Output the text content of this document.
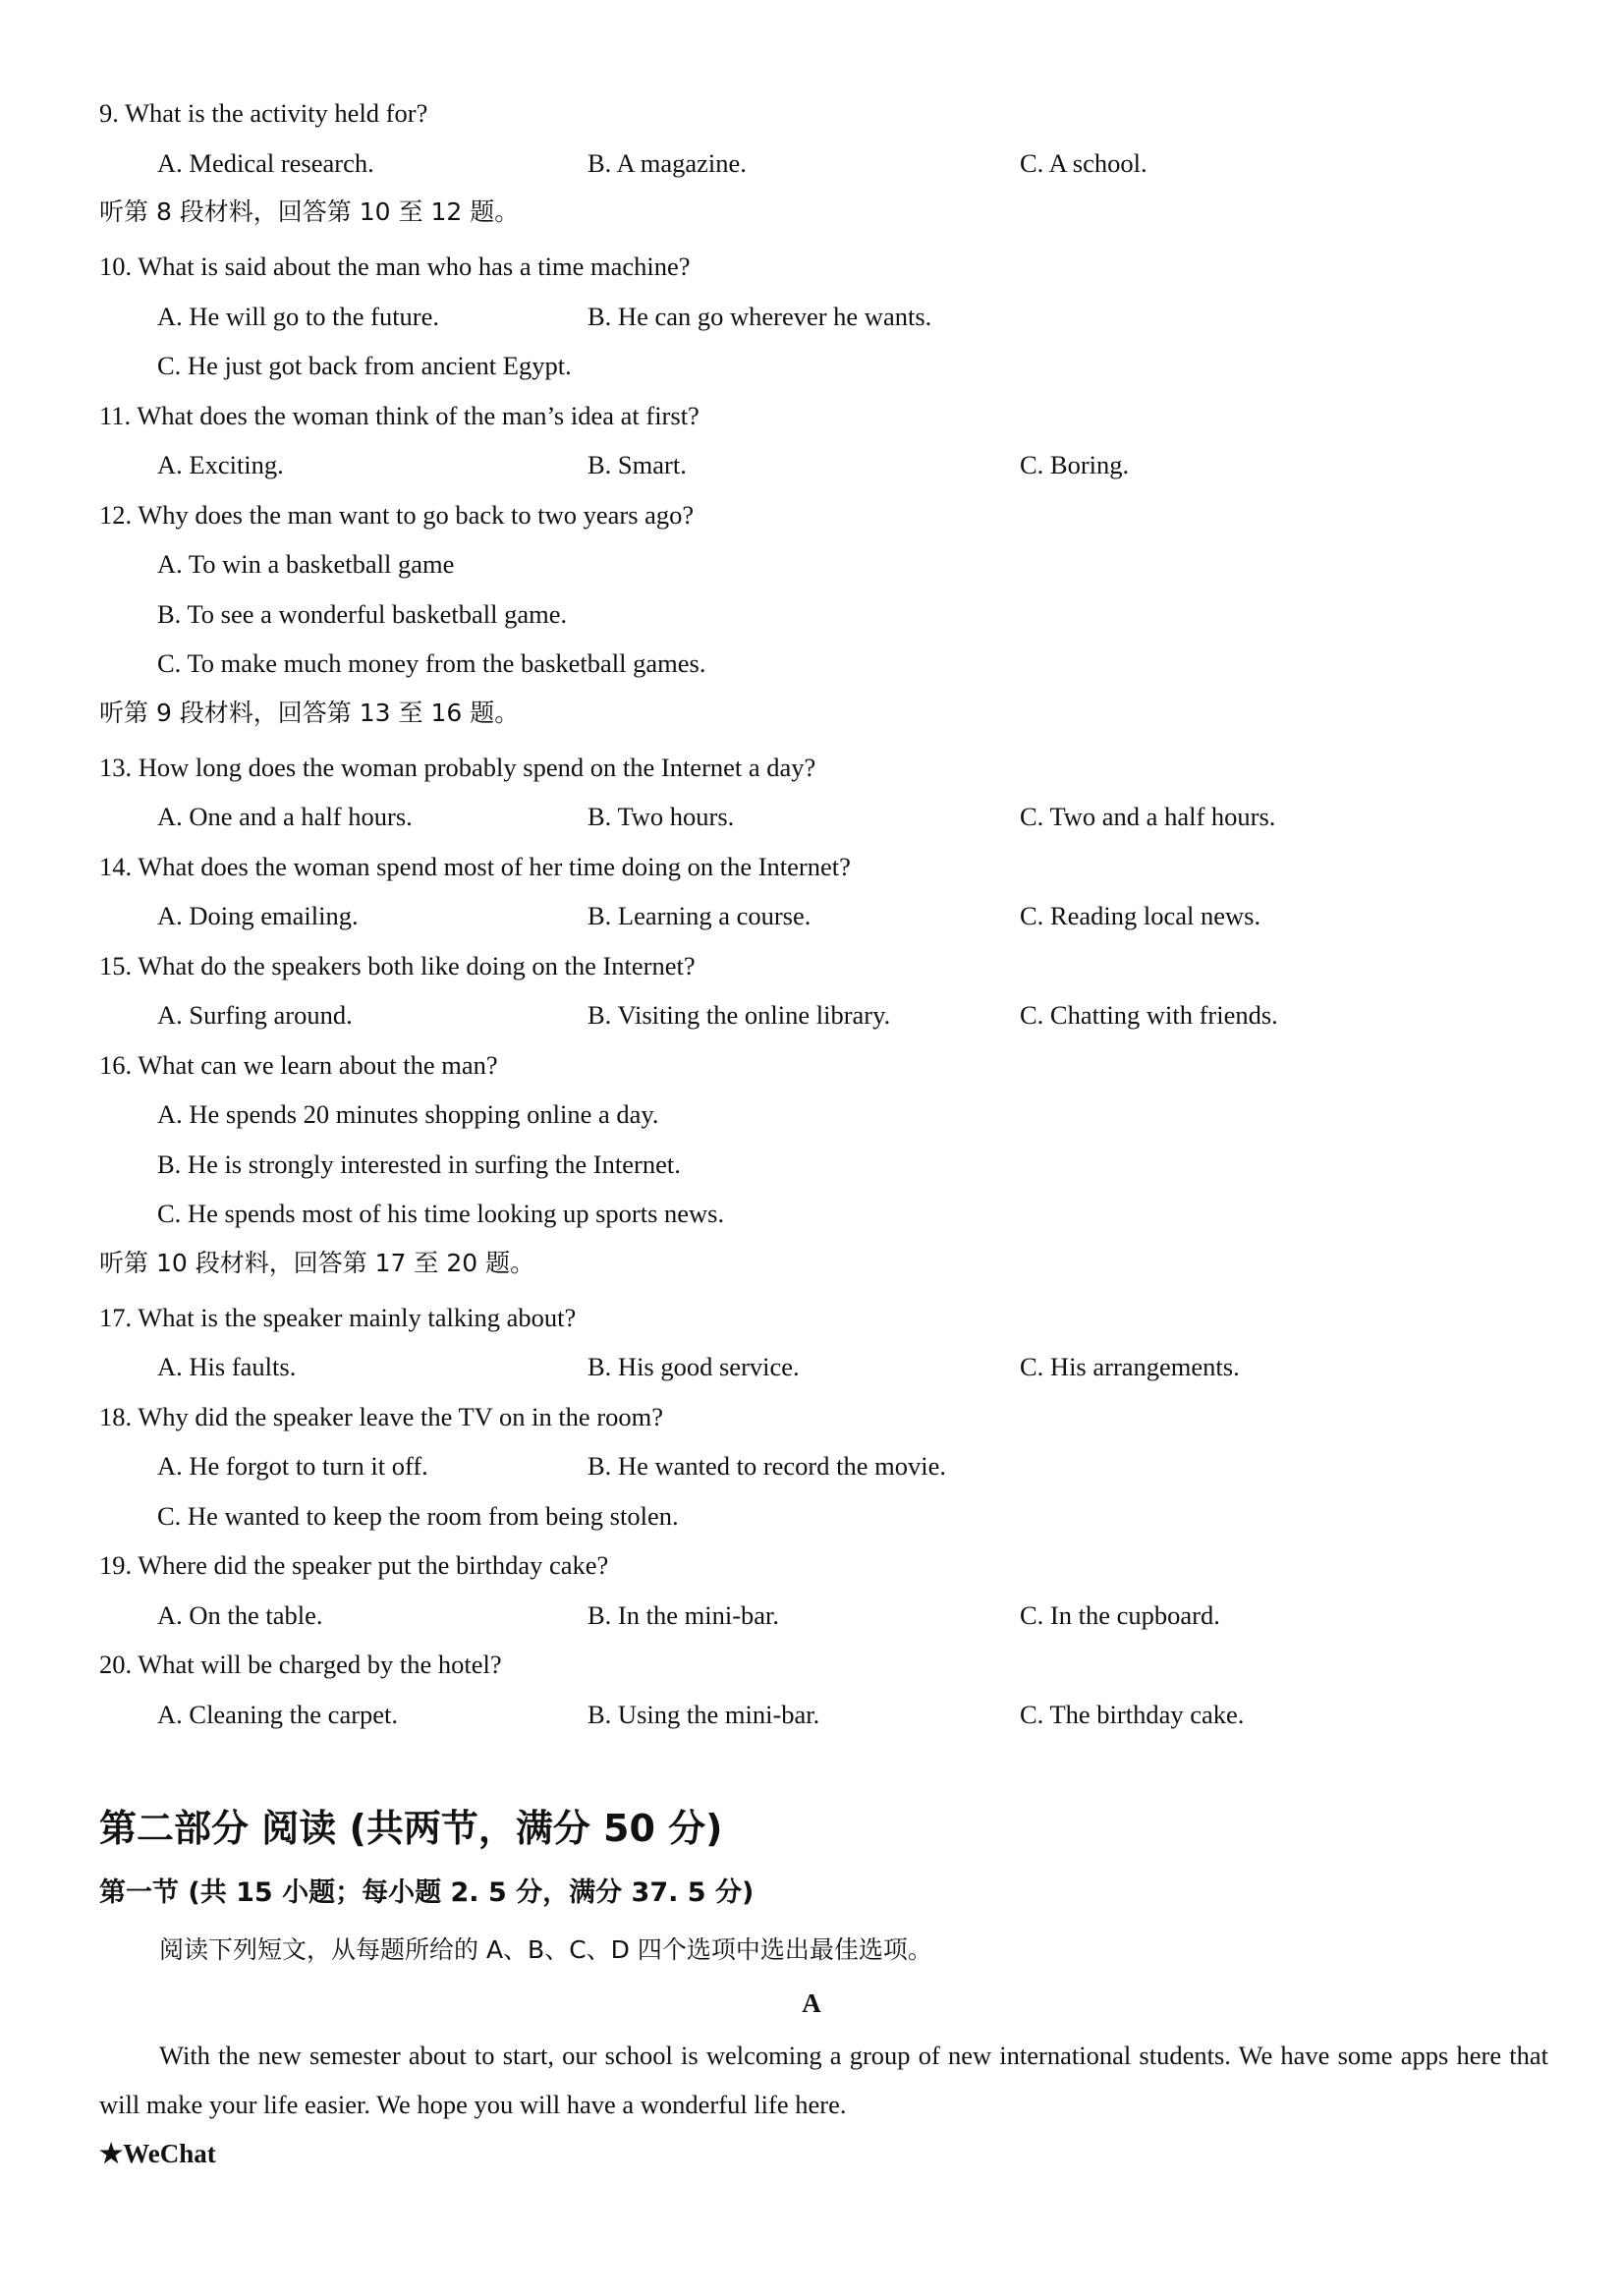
9. What is the activity held for?
A. Medical research.	B. A magazine.	C. A school.
听第 8 段材料，回答第 10 至 12 题。
10. What is said about the man who has a time machine?
A. He will go to the future.	B. He can go wherever he wants.
C. He just got back from ancient Egypt.
11. What does the woman think of the man’s idea at first?
A. Exciting.	B. Smart.	C. Boring.
12. Why does the man want to go back to two years ago?
A. To win a basketball game
B. To see a wonderful basketball game.
C. To make much money from the basketball games.
听第 9 段材料，回答第 13 至 16 题。
13. How long does the woman probably spend on the Internet a day?
A. One and a half hours.	B. Two hours.	C. Two and a half hours.
14. What does the woman spend most of her time doing on the Internet?
A. Doing emailing.	B. Learning a course.	C. Reading local news.
15. What do the speakers both like doing on the Internet?
A. Surfing around.	B. Visiting the online library.	C. Chatting with friends.
16. What can we learn about the man?
A. He spends 20 minutes shopping online a day.
B. He is strongly interested in surfing the Internet.
C. He spends most of his time looking up sports news.
听第 10 段材料，回答第 17 至 20 题。
17. What is the speaker mainly talking about?
A. His faults.	B. His good service.	C. His arrangements.
18. Why did the speaker leave the TV on in the room?
A. He forgot to turn it off.	B. He wanted to record the movie.
C. He wanted to keep the room from being stolen.
19. Where did the speaker put the birthday cake?
A. On the table.	B. In the mini-bar.	C. In the cupboard.
20. What will be charged by the hotel?
A. Cleaning the carpet.	B. Using the mini-bar.	C. The birthday cake.
第二部分 阅读 (共两节，满分 50 分)
第一节 (共 15 小题；每小题 2. 5 分，满分 37. 5 分)
阅读下列短文，从每题所给的 A、B、C、D 四个选项中选出最佳选项。
A
With the new semester about to start, our school is welcoming a group of new international students. We have some apps here that will make your life easier. We hope you will have a wonderful life here.
★WeChat
